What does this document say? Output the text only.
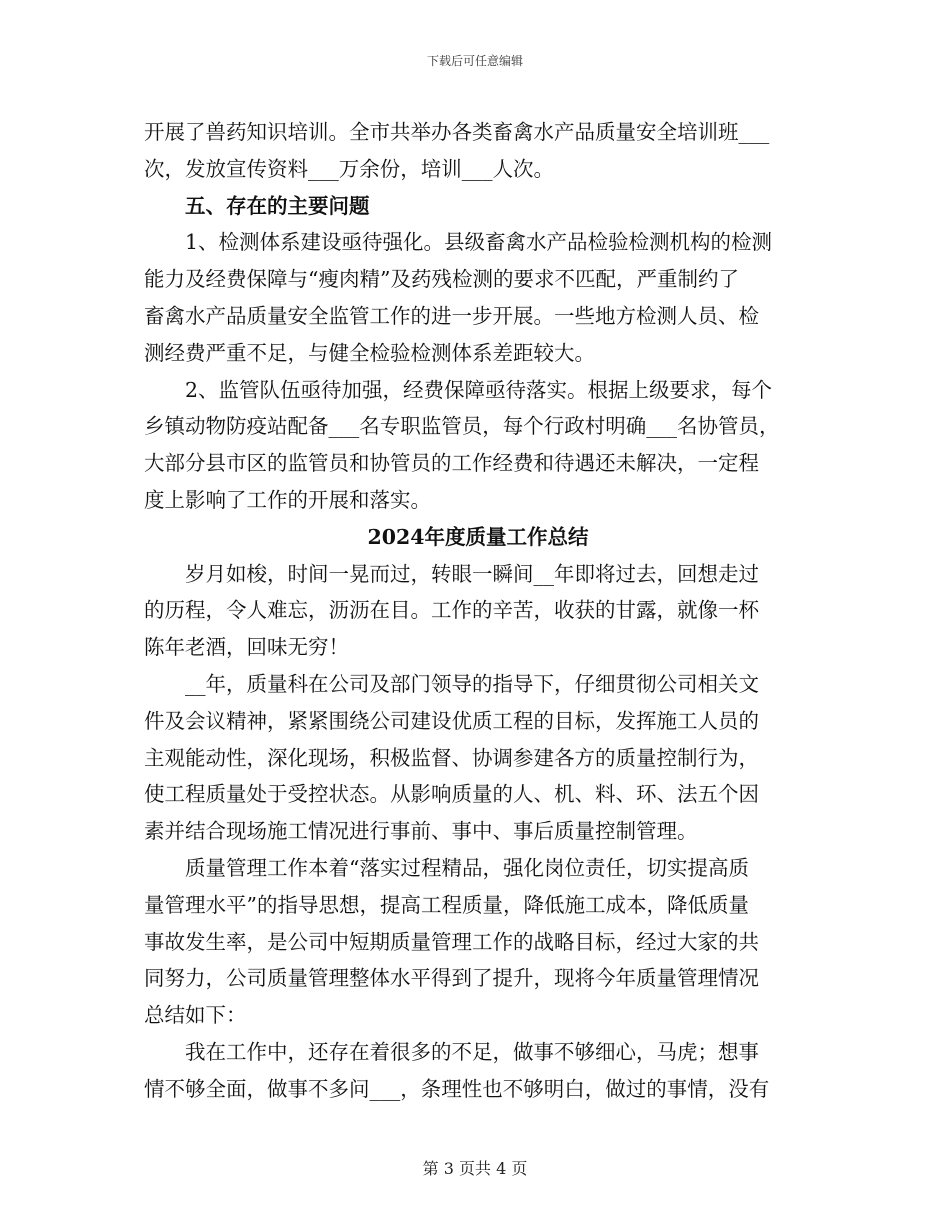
下载后可任意编辑
开展了兽药知识培训。全市共举办各类畜禽水产品质量安全培训班___
次，发放宣传资料___万余份，培训___人次。
五、存在的主要问题
1、检测体系建设亟待强化。县级畜禽水产品检验检测机构的检测
能力及经费保障与“瘦肉精”及药残检测的要求不匹配，严重制约了
畜禽水产品质量安全监管工作的进一步开展。一些地方检测人员、检
测经费严重不足，与健全检验检测体系差距较大。
2、监管队伍亟待加强，经费保障亟待落实。根据上级要求，每个
乡镇动物防疫站配备___名专职监管员，每个行政村明确___名协管员，
大部分县市区的监管员和协管员的工作经费和待遇还未解决，一定程
度上影响了工作的开展和落实。
2024年度质量工作总结
岁月如梭，时间一晃而过，转眼一瞬间__年即将过去，回想走过
的历程，令人难忘，沥沥在目。工作的辛苦，收获的甘露，就像一杯
陈年老酒，回味无穷！
__年，质量科在公司及部门领导的指导下，仔细贯彻公司相关文
件及会议精神，紧紧围绕公司建设优质工程的目标，发挥施工人员的
主观能动性，深化现场，积极监督、协调参建各方的质量控制行为，
使工程质量处于受控状态。从影响质量的人、机、料、环、法五个因
素并结合现场施工情况进行事前、事中、事后质量控制管理。
质量管理工作本着“落实过程精品，强化岗位责任，切实提高质
量管理水平”的指导思想，提高工程质量，降低施工成本，降低质量
事故发生率，是公司中短期质量管理工作的战略目标，经过大家的共
同努力，公司质量管理整体水平得到了提升，现将今年质量管理情况
总结如下：
我在工作中，还存在着很多的不足，做事不够细心，马虎；想事
情不够全面，做事不多问___，条理性也不够明白，做过的事情，没有
第 3 页共 4 页
